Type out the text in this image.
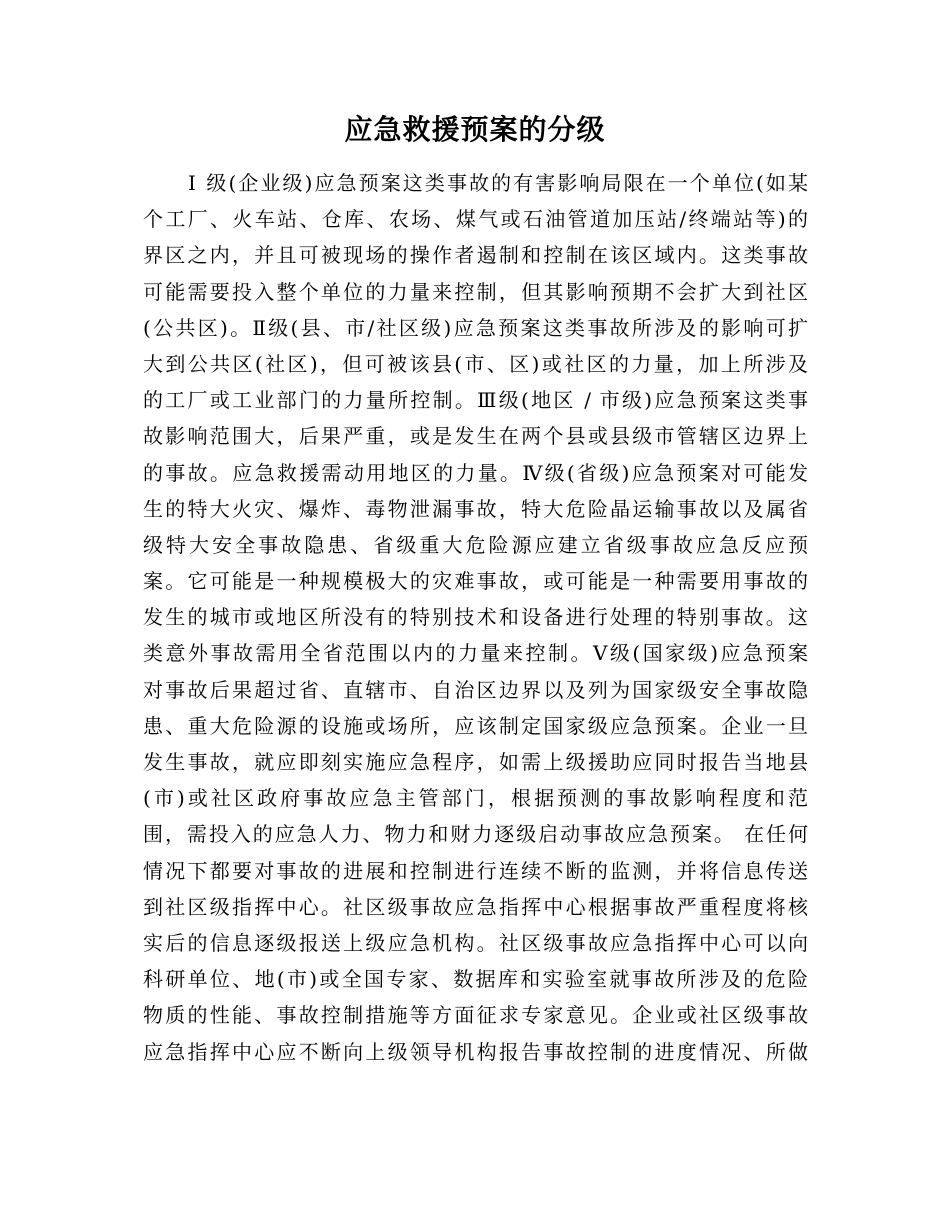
应急救援预案的分级
Ⅰ 级(企业级)应急预案这类事故的有害影响局限在一个单位(如某
个工厂、火车站、仓库、农场、煤气或石油管道加压站/终端站等)的
界区之内，并且可被现场的操作者遏制和控制在该区域内。这类事故
可能需要投入整个单位的力量来控制，但其影响预期不会扩大到社区
(公共区)。Ⅱ级(县、市/社区级)应急预案这类事故所涉及的影响可扩
大到公共区(社区)，但可被该县(市、区)或社区的力量，加上所涉及
的工厂或工业部门的力量所控制。Ⅲ级(地区 / 市级)应急预案这类事
故影响范围大，后果严重，或是发生在两个县或县级市管辖区边界上
的事故。应急救援需动用地区的力量。Ⅳ级(省级)应急预案对可能发
生的特大火灾、爆炸、毒物泄漏事故，特大危险晶运输事故以及属省
级特大安全事故隐患、省级重大危险源应建立省级事故应急反应预
案。它可能是一种规模极大的灾难事故，或可能是一种需要用事故的
发生的城市或地区所没有的特别技术和设备进行处理的特别事故。这
类意外事故需用全省范围以内的力量来控制。Ⅴ级(国家级)应急预案
对事故后果超过省、直辖市、自治区边界以及列为国家级安全事故隐
患、重大危险源的设施或场所，应该制定国家级应急预案。企业一旦
发生事故，就应即刻实施应急程序，如需上级援助应同时报告当地县
(市)或社区政府事故应急主管部门，根据预测的事故影响程度和范
围，需投入的应急人力、物力和财力逐级启动事故应急预案。 在任何
情况下都要对事故的进展和控制进行连续不断的监测，并将信息传送
到社区级指挥中心。社区级事故应急指挥中心根据事故严重程度将核
实后的信息逐级报送上级应急机构。社区级事故应急指挥中心可以向
科研单位、地(市)或全国专家、数据库和实验室就事故所涉及的危险
物质的性能、事故控制措施等方面征求专家意见。企业或社区级事故
应急指挥中心应不断向上级领导机构报告事故控制的进度情况、所做
